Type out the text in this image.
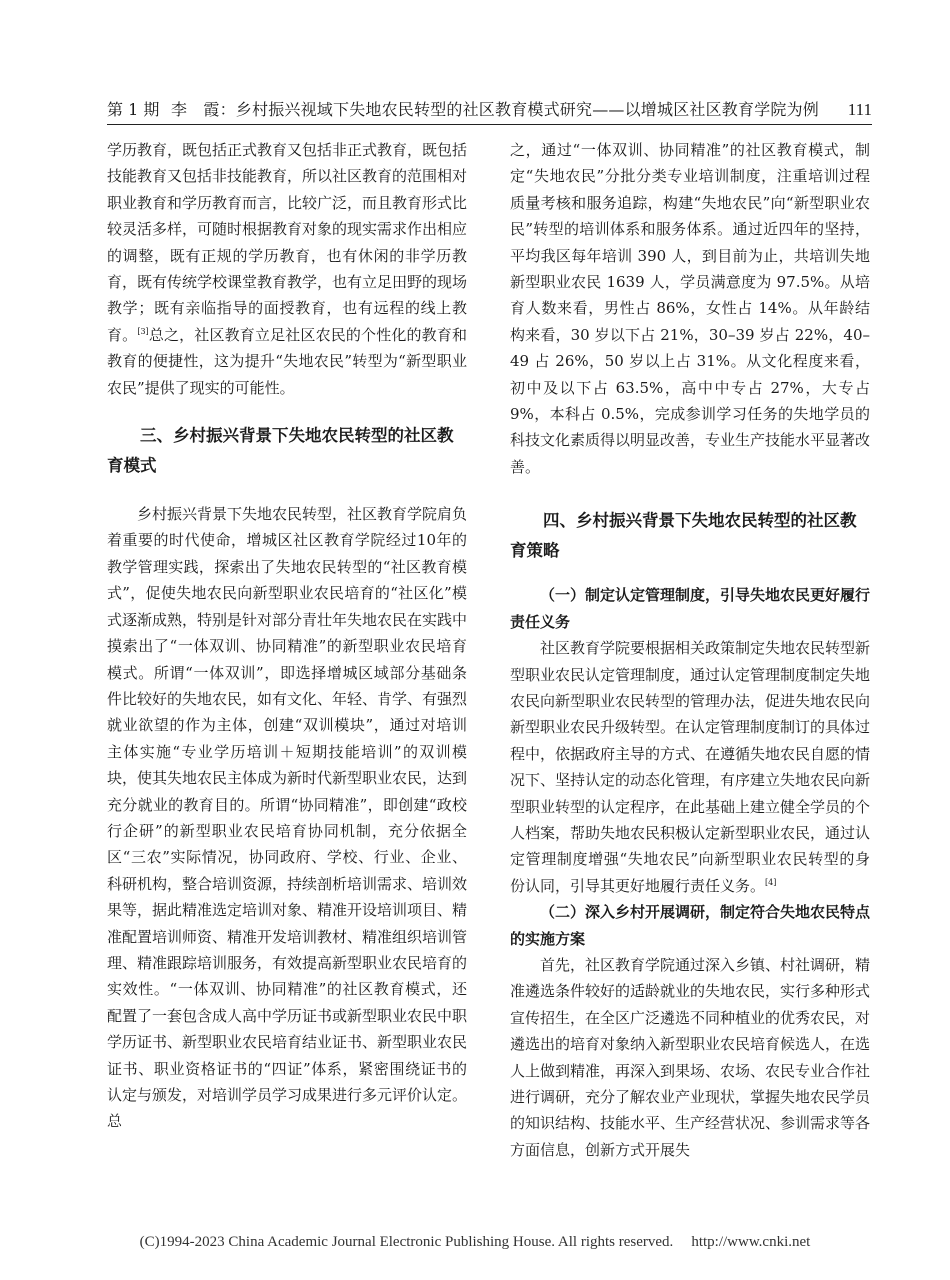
第 1 期 李　霞：乡村振兴视域下失地农民转型的社区教育模式研究——以增城区社区教育学院为例 111

学历教育，既包括正式教育又包括非正式教育，既包括技能教育又包括非技能教育，所以社区教育的范围相对职业教育和学历教育而言，比较广泛，而且教育形式比较灵活多样，可随时根据教育对象的现实需求作出相应的调整，既有正规的学历教育，也有休闲的非学历教育，既有传统学校课堂教育教学，也有立足田野的现场教学；既有亲临指导的面授教育，也有远程的线上教育。[3]总之，社区教育立足社区农民的个性化的教育和教育的便捷性，这为提升“失地农民”转型为“新型职业农民”提供了现实的可能性。

三、乡村振兴背景下失地农民转型的社区教育模式

乡村振兴背景下失地农民转型，社区教育学院肩负着重要的时代使命，增城区社区教育学院经过10年的教学管理实践，探索出了失地农民转型的“社区教育模式”，促使失地农民向新型职业农民培育的“社区化”模式逐渐成熟，特别是针对部分青壮年失地农民在实践中摸索出了“一体双训、协同精准”的新型职业农民培育模式。所谓“一体双训”，即选择增城区域部分基础条件比较好的失地农民，如有文化、年轻、肯学、有强烈就业欲望的作为主体，创建“双训模块”，通过对培训主体实施“专业学历培训＋短期技能培训”的双训模块，使其失地农民主体成为新时代新型职业农民，达到充分就业的教育目的。所谓“协同精准”，即创建“政校行企研”的新型职业农民培育协同机制，充分依据全区“三农”实际情况，协同政府、学校、行业、企业、科研机构，整合培训资源，持续剖析培训需求、培训效果等，据此精准选定培训对象、精准开设培训项目、精准配置培训师资、精准开发培训教材、精准组织培训管理、精准跟踪培训服务，有效提高新型职业农民培育的实效性。“一体双训、协同精准”的社区教育模式，还配置了一套包含成人高中学历证书或新型职业农民中职学历证书、新型职业农民培育结业证书、新型职业农民证书、职业资格证书的“四证”体系，紧密围绕证书的认定与颁发，对培训学员学习成果进行多元评价认定。总

之，通过“一体双训、协同精准”的社区教育模式，制定“失地农民”分批分类专业培训制度，注重培训过程质量考核和服务追踪，构建“失地农民”向“新型职业农民”转型的培训体系和服务体系。通过近四年的坚持，平均我区每年培训 390 人，到目前为止，共培训失地新型职业农民 1639 人，学员满意度为 97.5%。从培育人数来看，男性占 86%，女性占 14%。从年龄结构来看，30 岁以下占 21%，30–39 岁占 22%，40–49 占 26%，50 岁以上占 31%。从文化程度来看，初中及以下占 63.5%，高中中专占 27%，大专占 9%，本科占 0.5%，完成参训学习任务的失地学员的科技文化素质得以明显改善，专业生产技能水平显著改善。

四、乡村振兴背景下失地农民转型的社区教育策略
（一）制定认定管理制度，引导失地农民更好履行责任义务

社区教育学院要根据相关政策制定失地农民转型新型职业农民认定管理制度，通过认定管理制度制定失地农民向新型职业农民转型的管理办法，促进失地农民向新型职业农民升级转型。在认定管理制度制订的具体过程中，依据政府主导的方式、在遵循失地农民自愿的情况下、坚持认定的动态化管理，有序建立失地农民向新型职业转型的认定程序，在此基础上建立健全学员的个人档案，帮助失地农民积极认定新型职业农民，通过认定管理制度增强“失地农民”向新型职业农民转型的身份认同，引导其更好地履行责任义务。[4]

（二）深入乡村开展调研，制定符合失地农民特点的实施方案

首先，社区教育学院通过深入乡镇、村社调研，精准遴选条件较好的适龄就业的失地农民，实行多种形式宣传招生，在全区广泛遴选不同种植业的优秀农民，对遴选出的培育对象纳入新型职业农民培育候选人，在选人上做到精准，再深入到果场、农场、农民专业合作社进行调研，充分了解农业产业现状，掌握失地农民学员的知识结构、技能水平、生产经营状况、参训需求等各方面信息，创新方式开展失

(C)1994-2023 China Academic Journal Electronic Publishing House. All rights reserved. http://www.cnki.net
